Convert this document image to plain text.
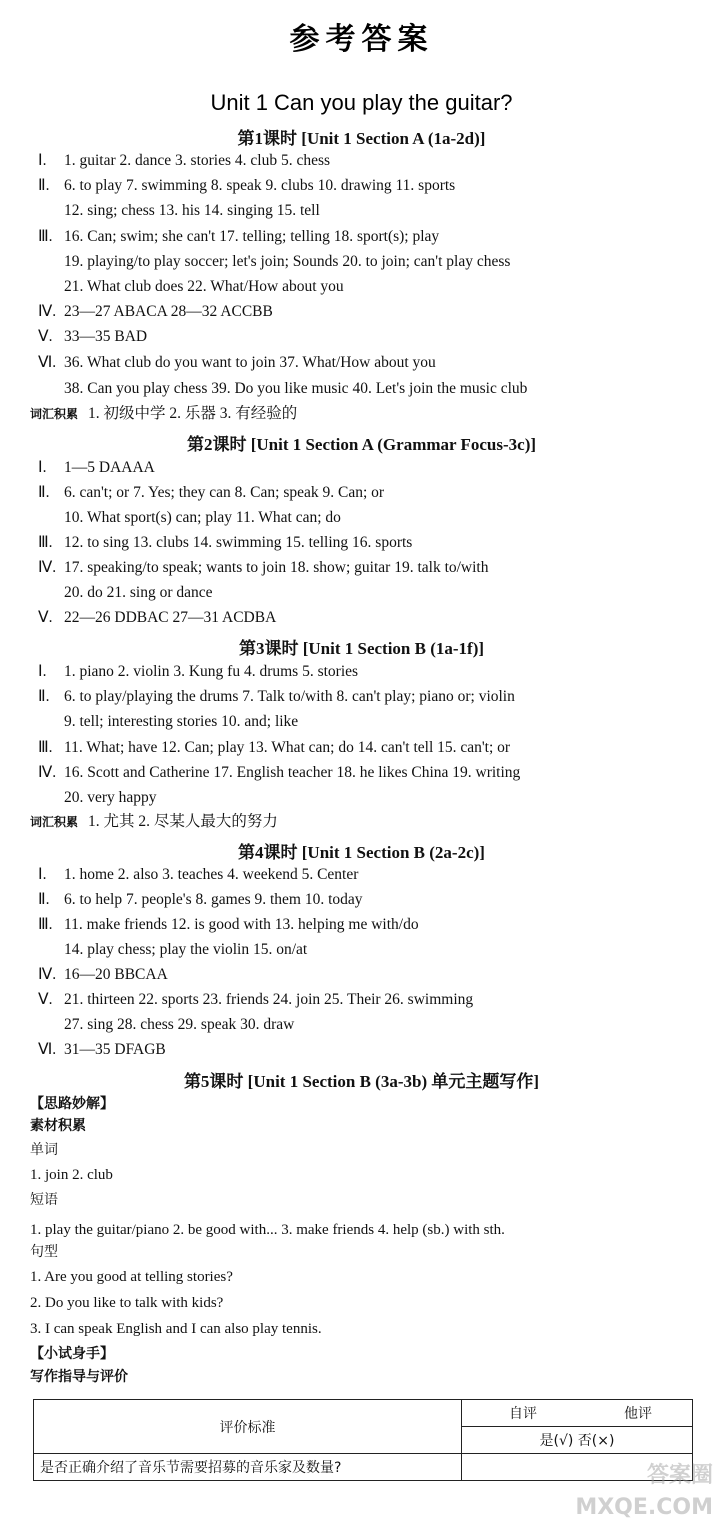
参考答案
Unit 1 Can you play the guitar?
第1课时 [Unit 1 Section A (1a-2d)]
Ⅰ. 1. guitar 2. dance 3. stories 4. club 5. chess
Ⅱ. 6. to play 7. swimming 8. speak 9. clubs 10. drawing 11. sports
12. sing; chess 13. his 14. singing 15. tell
Ⅲ. 16. Can; swim; she can't 17. telling; telling 18. sport(s); play
19. playing/to play soccer; let's join; Sounds 20. to join; can't play chess
21. What club does 22. What/How about you
Ⅳ. 23—27 ABACA 28—32 ACCBB
Ⅴ. 33—35 BAD
Ⅵ. 36. What club do you want to join 37. What/How about you
38. Can you play chess 39. Do you like music 40. Let's join the music club
词汇积累 1. 初级中学 2. 乐器 3. 有经验的
第2课时 [Unit 1 Section A (Grammar Focus-3c)]
Ⅰ. 1—5 DAAAA
Ⅱ. 6. can't; or 7. Yes; they can 8. Can; speak 9. Can; or
10. What sport(s) can; play 11. What can; do
Ⅲ. 12. to sing 13. clubs 14. swimming 15. telling 16. sports
Ⅳ. 17. speaking/to speak; wants to join 18. show; guitar 19. talk to/with
20. do 21. sing or dance
Ⅴ. 22—26 DDBAC 27—31 ACDBA
第3课时 [Unit 1 Section B (1a-1f)]
Ⅰ. 1. piano 2. violin 3. Kung fu 4. drums 5. stories
Ⅱ. 6. to play/playing the drums 7. Talk to/with 8. can't play; piano or; violin
9. tell; interesting stories 10. and; like
Ⅲ. 11. What; have 12. Can; play 13. What can; do 14. can't tell 15. can't; or
Ⅳ. 16. Scott and Catherine 17. English teacher 18. he likes China 19. writing
20. very happy
词汇积累 1. 尤其 2. 尽某人最大的努力
第4课时 [Unit 1 Section B (2a-2c)]
Ⅰ. 1. home 2. also 3. teaches 4. weekend 5. Center
Ⅱ. 6. to help 7. people's 8. games 9. them 10. today
Ⅲ. 11. make friends 12. is good with 13. helping me with/do
14. play chess; play the violin 15. on/at
Ⅳ. 16—20 BBCAA
Ⅴ. 21. thirteen 22. sports 23. friends 24. join 25. Their 26. swimming
27. sing 28. chess 29. speak 30. draw
Ⅵ. 31—35 DFAGB
第5课时 [Unit 1 Section B (3a-3b) 单元主题写作]
【思路妙解】
素材积累
单词
1. join 2. club
短语
1. play the guitar/piano 2. be good with... 3. make friends 4. help (sb.) with sth.
句型
1. Are you good at telling stories?
2. Do you like to talk with kids?
3. I can speak English and I can also play tennis.
【小试身手】
写作指导与评价
评价标准	自评	他评
	是(√) 否(×)	
是否正确介绍了音乐节需要招募的音乐家及数量?			答案圈
MXQE.COM
